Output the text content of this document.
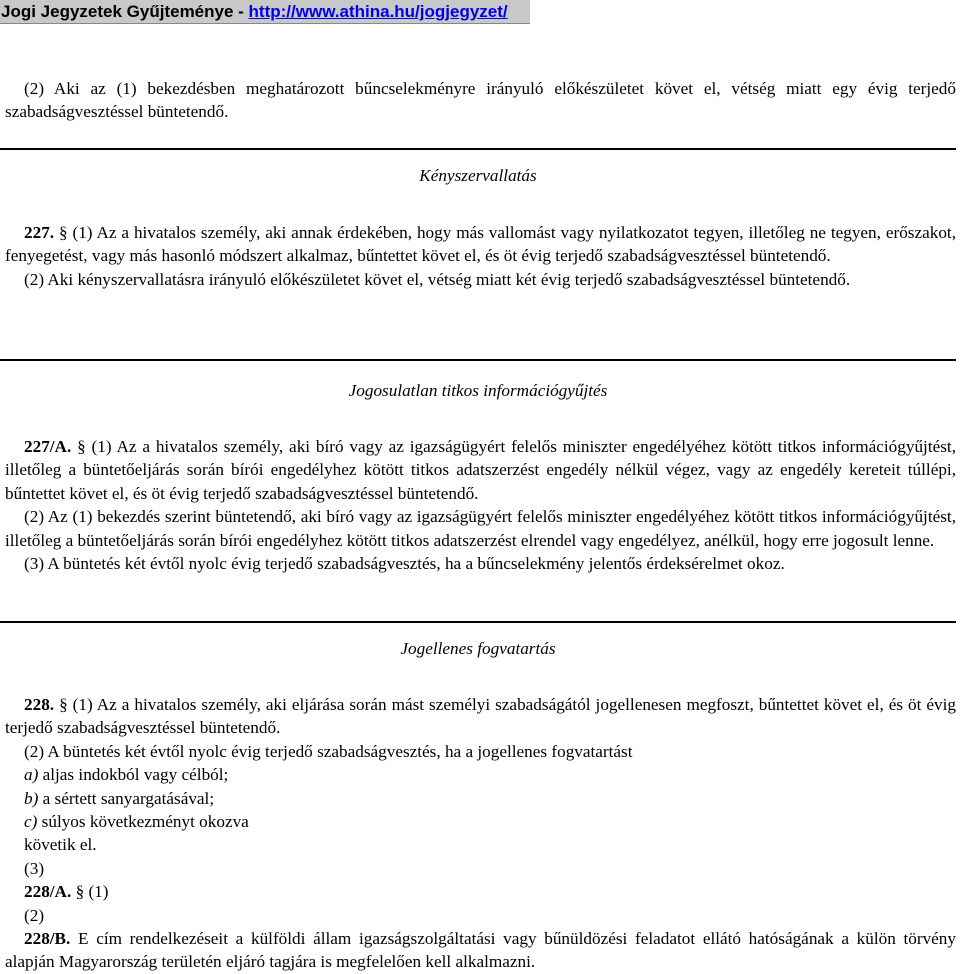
Jogi Jegyzetek Gyűjteménye - http://www.athina.hu/jogjegyzet/

(2) Aki az (1) bekezdésben meghatározott bűncselekményre irányuló előkészületet követ el, vétség miatt egy évig terjedő szabadságvesztéssel büntetendő.

Kényszervallatás

227. § (1) Az a hivatalos személy, aki annak érdekében, hogy más vallomást vagy nyilatkozatot tegyen, illetőleg ne tegyen, erőszakot, fenyegetést, vagy más hasonló módszert alkalmaz, bűntettet követ el, és öt évig terjedő szabadságvesztéssel büntetendő.

(2) Aki kényszervallatásra irányuló előkészületet követ el, vétség miatt két évig terjedő szabadságvesztéssel büntetendő.

Jogosulatlan titkos információgyűjtés

227/A. § (1) Az a hivatalos személy, aki bíró vagy az igazságügyért felelős miniszter engedélyéhez kötött titkos információgyűjtést, illetőleg a büntetőeljárás során bírói engedélyhez kötött titkos adatszerzést engedély nélkül végez, vagy az engedély kereteit túllépi, bűntettet követ el, és öt évig terjedő szabadságvesztéssel büntetendő.

(2) Az (1) bekezdés szerint büntetendő, aki bíró vagy az igazságügyért felelős miniszter engedélyéhez kötött titkos információgyűjtést, illetőleg a büntetőeljárás során bírói engedélyhez kötött titkos adatszerzést elrendel vagy engedélyez, anélkül, hogy erre jogosult lenne.

(3) A büntetés két évtől nyolc évig terjedő szabadságvesztés, ha a bűncselekmény jelentős érdeksérelmet okoz.

Jogellenes fogvatartás

228. § (1) Az a hivatalos személy, aki eljárása során mást személyi szabadságától jogellenesen megfoszt, bűntettet követ el, és öt évig terjedő szabadságvesztéssel büntetendő.

(2) A büntetés két évtől nyolc évig terjedő szabadságvesztés, ha a jogellenes fogvatartást

a) aljas indokból vagy célból;

b) a sértett sanyargatásával;

c) súlyos következményt okozva

követik el.

(3)

228/A. § (1)

(2)

228/B. E cím rendelkezéseit a külföldi állam igazságszolgáltatási vagy bűnüldözési feladatot ellátó hatóságának a külön törvény alapján Magyarország területén eljáró tagjára is megfelelően kell alkalmazni.
